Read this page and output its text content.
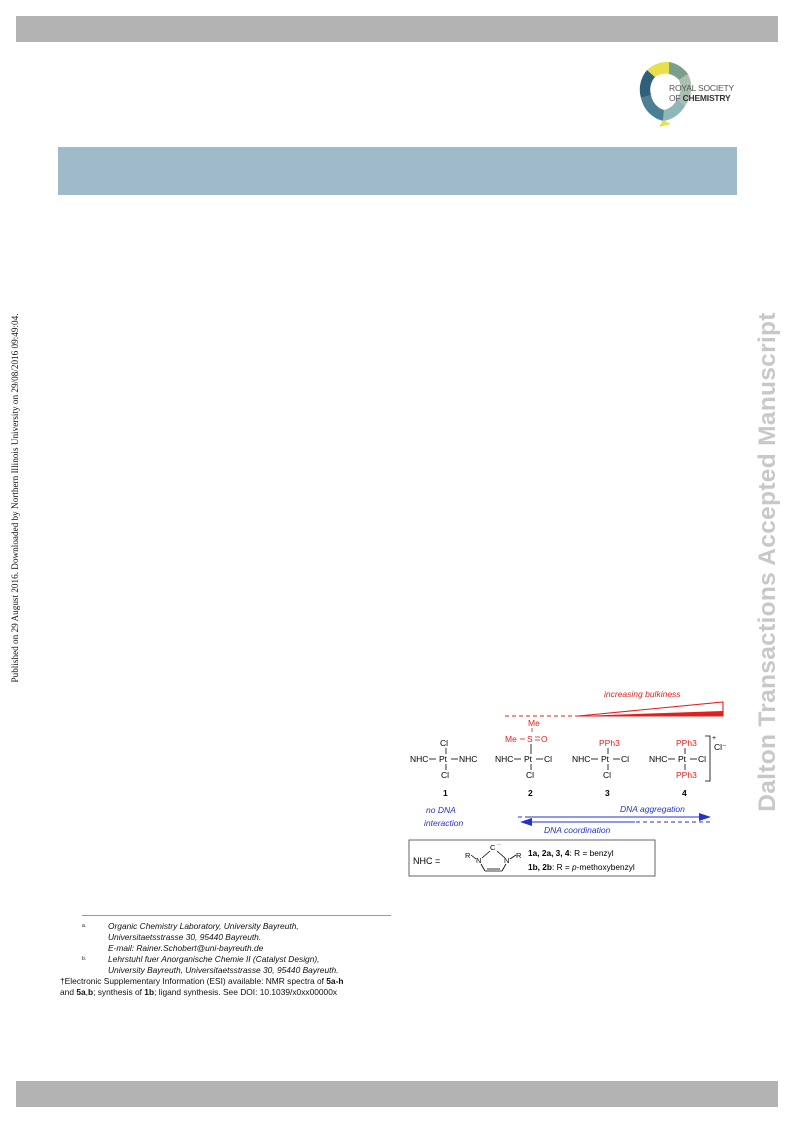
ROYAL SOCIETY
OF CHEMISTRY
Published on 29 August 2016. Downloaded by Northern Illinois University on 29/08/2016 09:49:04.	Dalton Transactions Accepted Manuscript
increasing bulkiness
Cl
NHC Pt NHC
Cl
1
Me
Me S O
NHC Pt Cl
Cl
2
PPh3
NHC Pt Cl
Cl
3
PPh3
NHC Pt Cl
PPh3
+
Cl⁻
4
no DNA
interaction
DNA aggregation
DNA coordination
NHC =
R
N
C ··
N
R 1a, 2a, 3, 4: R = benzyl
1b, 2b: R = p-methoxybenzyl
a.	Organic Chemistry Laboratory, University Bayreuth,
Universitaetsstrasse 30, 95440 Bayreuth.
E-mail: Rainer.Schobert@uni-bayreuth.de
b.	Lehrstuhl fuer Anorganische Chemie II (Catalyst Design),
University Bayreuth, Universitaetsstrasse 30, 95440 Bayreuth.
†Electronic Supplementary Information (ESI) available: NMR spectra of 5a-h
and 5a,b; synthesis of 1b; ligand synthesis. See DOI: 10.1039/x0xx00000x
